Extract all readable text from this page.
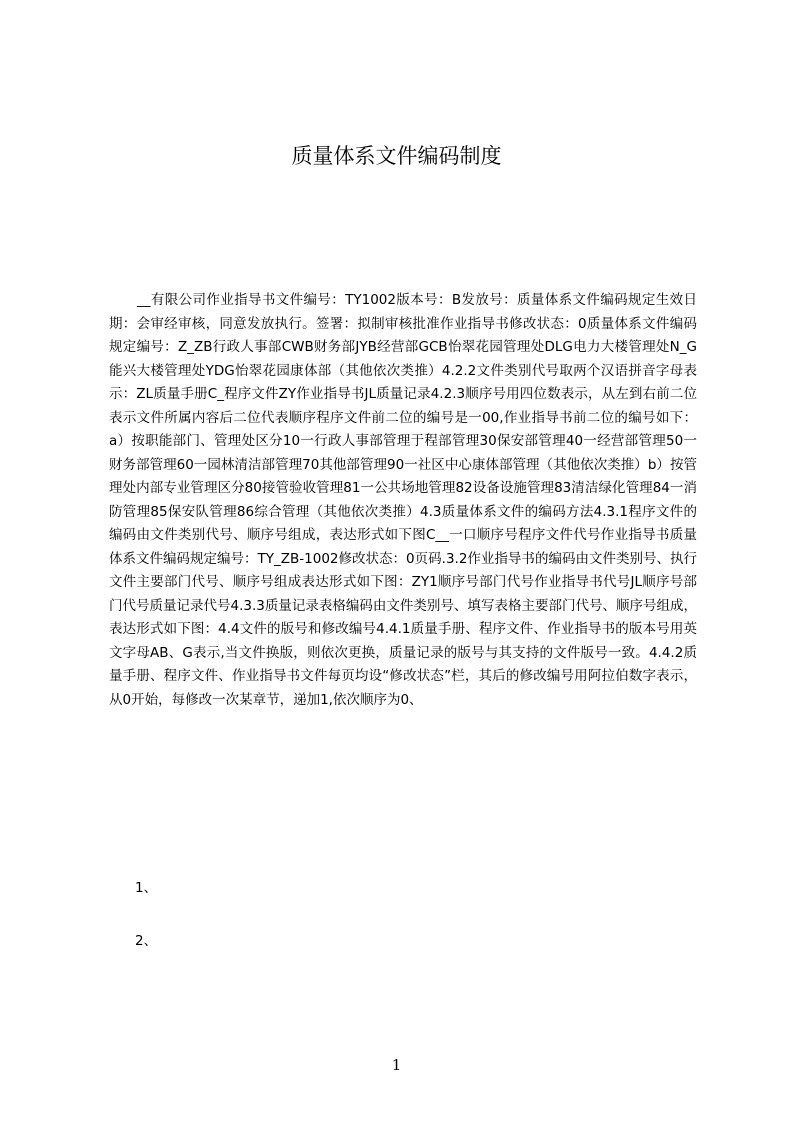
质量体系文件编码制度

__有限公司作业指导书文件编号：TY1002版本号：B发放号：质量体系文件编码规定生效日期：会审经审核，同意发放执行。签署：拟制审核批准作业指导书修改状态：0质量体系文件编码规定编号：Z_ZB行政人事部CWB财务部JYB经营部GCB怡翠花园管理处DLG电力大楼管理处N_G能兴大楼管理处YDG怡翠花园康体部（其他依次类推）4.2.2文件类别代号取两个汉语拼音字母表示：ZL质量手册C_程序文件ZY作业指导书JL质量记录4.2.3顺序号用四位数表示，从左到右前二位表示文件所属内容后二位代表顺序程序文件前二位的编号是一00,作业指导书前二位的编号如下：a）按职能部门、管理处区分10一行政人事部管理于程部管理30保安部管理40一经营部管理50一财务部管理60一园林清洁部管理70其他部管理90一社区中心康体部管理（其他依次类推）b）按管理处内部专业管理区分80接管验收管理81一公共场地管理82设备设施管理83清洁绿化管理84一消防管理85保安队管理86综合管理（其他依次类推）4.3质量体系文件的编码方法4.3.1程序文件的编码由文件类别代号、顺序号组成，表达形式如下图C__一口顺序号程序文件代号作业指导书质量体系文件编码规定编号：TY_ZB-1002修改状态：0页码.3.2作业指导书的编码由文件类别号、执行文件主要部门代号、顺序号组成表达形式如下图：ZY1顺序号部门代号作业指导书代号JL顺序号部门代号质量记录代号4.3.3质量记录表格编码由文件类别号、填写表格主要部门代号、顺序号组成，表达形式如下图：4.4文件的版号和修改编号4.4.1质量手册、程序文件、作业指导书的版本号用英文字母AB、G表示,当文件换版，则依次更换，质量记录的版号与其支持的文件版号一致。4.4.2质量手册、程序文件、作业指导书文件每页均设“修改状态”栏，其后的修改编号用阿拉伯数字表示，从0开始，每修改一次某章节，递加1,依次顺序为0、

1、

2、

1
